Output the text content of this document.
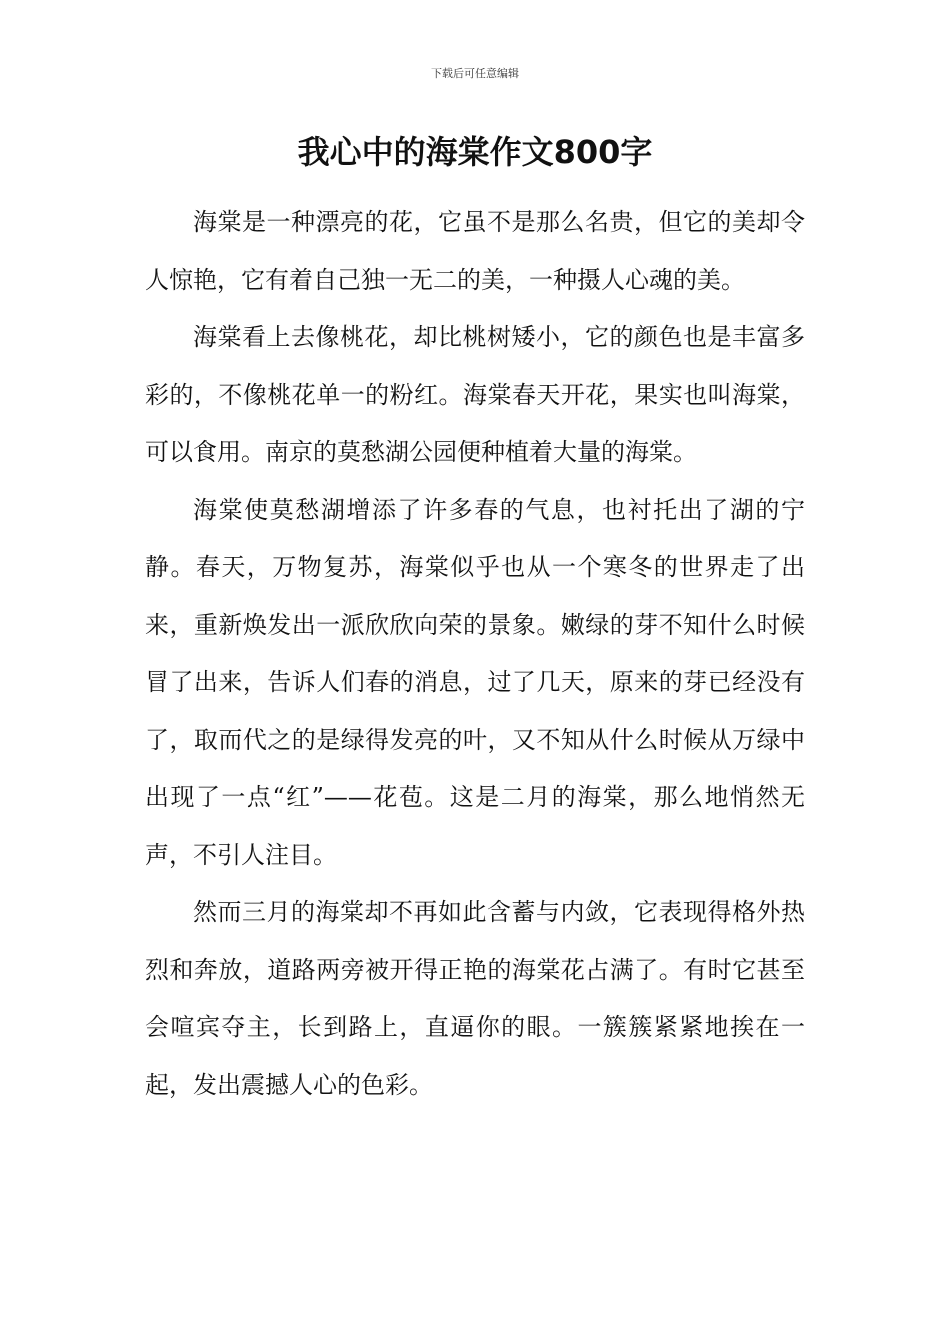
下载后可任意编辑
我心中的海棠作文800字

海棠是一种漂亮的花，它虽不是那么名贵，但它的美却令人惊艳，它有着自己独一无二的美，一种摄人心魂的美。

海棠看上去像桃花，却比桃树矮小，它的颜色也是丰富多彩的，不像桃花单一的粉红。海棠春天开花，果实也叫海棠，可以食用。南京的莫愁湖公园便种植着大量的海棠。

海棠使莫愁湖增添了许多春的气息，也衬托出了湖的宁静。春天，万物复苏，海棠似乎也从一个寒冬的世界走了出来，重新焕发出一派欣欣向荣的景象。嫩绿的芽不知什么时候冒了出来，告诉人们春的消息，过了几天，原来的芽已经没有了，取而代之的是绿得发亮的叶，又不知从什么时候从万绿中出现了一点“红”——花苞。这是二月的海棠，那么地悄然无声，不引人注目。

然而三月的海棠却不再如此含蓄与内敛，它表现得格外热烈和奔放，道路两旁被开得正艳的海棠花占满了。有时它甚至会喧宾夺主，长到路上，直逼你的眼。一簇簇紧紧地挨在一起，发出震撼人心的色彩。
